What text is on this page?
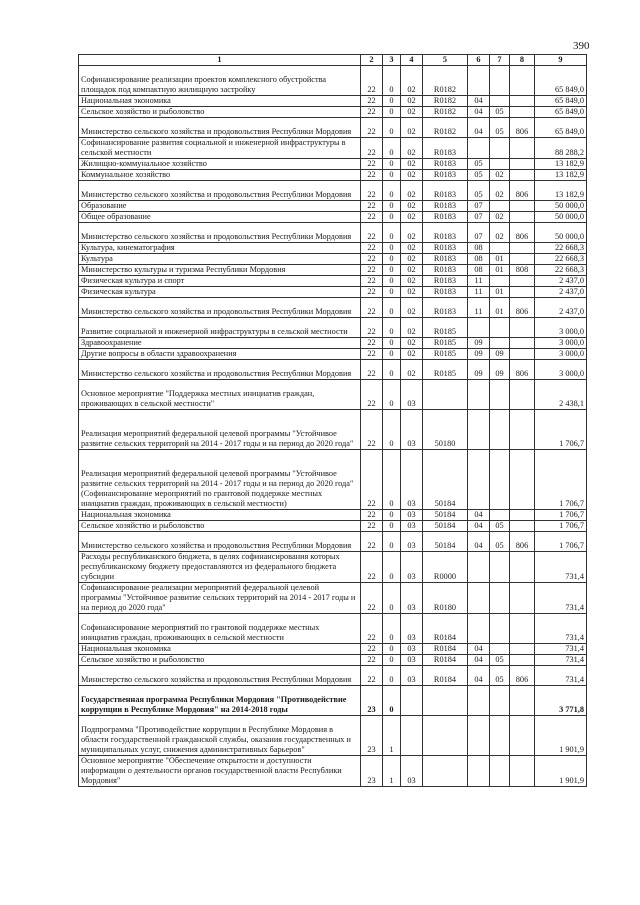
390
1	2	3	4	5	6	7	8	9
Софинансирование реализации проектов комплексного обустройства площадок под компактную жилищную застройку	22	0	02	R0182				65 849,0
Национальная экономика	22	0	02	R0182	04			65 849,0
Сельское хозяйство и рыболовство	22	0	02	R0182	04	05		65 849,0
Министерство сельского хозяйства и продовольствия Республики Мордовия	22	0	02	R0182	04	05	806	65 849,0
Софинансирование развития социальной и инженерной инфраструктуры в сельской местности	22	0	02	R0183				88 288,2
Жилищно-коммунальное хозяйство	22	0	02	R0183	05			13 182,9
Коммунальное хозяйство	22	0	02	R0183	05	02		13 182,9
Министерство сельского хозяйства и продовольствия Республики Мордовия	22	0	02	R0183	05	02	806	13 182,9
Образование	22	0	02	R0183	07			50 000,0
Общее образование	22	0	02	R0183	07	02		50 000,0
Министерство сельского хозяйства и продовольствия Республики Мордовия	22	0	02	R0183	07	02	806	50 000,0
Культура, кинематография	22	0	02	R0183	08			22 668,3
Культура	22	0	02	R0183	08	01		22 668,3
Министерство культуры и туризма Республики Мордовия	22	0	02	R0183	08	01	808	22 668,3
Физическая культура и спорт	22	0	02	R0183	11			2 437,0
Физическая культура	22	0	02	R0183	11	01		2 437,0
Министерство сельского хозяйства и продовольствия Республики Мордовия	22	0	02	R0183	11	01	806	2 437,0
Развитие социальной и инженерной инфраструктуры в сельской местности	22	0	02	R0185				3 000,0
Здравоохранение	22	0	02	R0185	09			3 000,0
Другие вопросы в области здравоохранения	22	0	02	R0185	09	09		3 000,0
Министерство сельского хозяйства и продовольствия Республики Мордовия	22	0	02	R0185	09	09	806	3 000,0
Основное мероприятие "Поддержка местных инициатив граждан, проживающих в сельской местности"	22	0	03					2 438,1
Реализация мероприятий федеральной целевой программы "Устойчивое развитие сельских территорий на 2014 - 2017 годы и на период до 2020 года"	22	0	03	50180				1 706,7
Реализация мероприятий федеральной целевой программы "Устойчивое развитие сельских территорий на 2014 - 2017 годы и на период до 2020 года" (Софинансирование мероприятий по грантовой поддержке местных инициатив граждан, проживающих в сельской местности)	22	0	03	50184				1 706,7
Национальная экономика	22	0	03	50184	04			1 706,7
Сельское хозяйство и рыболовство	22	0	03	50184	04	05		1 706,7
Министерство сельского хозяйства и продовольствия Республики Мордовия	22	0	03	50184	04	05	806	1 706,7
Расходы республиканского бюджета, в целях софинансирования которых республиканскому бюджету предоставляются из федерального бюджета субсидии	22	0	03	R0000				731,4
Софинансирование реализации мероприятий федеральной целевой программы "Устойчивое развитие сельских территорий на 2014 - 2017 годы и на период до 2020 года"	22	0	03	R0180				731,4
Софинансирование мероприятий по грантовой поддержке местных инициатив граждан, проживающих в сельской местности	22	0	03	R0184				731,4
Национальная экономика	22	0	03	R0184	04			731,4
Сельское хозяйство и рыболовство	22	0	03	R0184	04	05		731,4
Министерство сельского хозяйства и продовольствия Республики Мордовия	22	0	03	R0184	04	05	806	731,4
Государственная программа Республики Мордовия "Противодействие коррупции в Республике Мордовия" на 2014-2018 годы	23	0						3 771,8
Подпрограмма "Противодействие коррупции в Республике Мордовия в области государственной гражданской службы, оказания государственных и муниципальных услуг, снижения административных барьеров"	23	1						1 901,9
Основное мероприятие "Обеспечение открытости и доступности информации о деятельности органов государственной власти Республики Мордовия"	23	1	03					1 901,9
